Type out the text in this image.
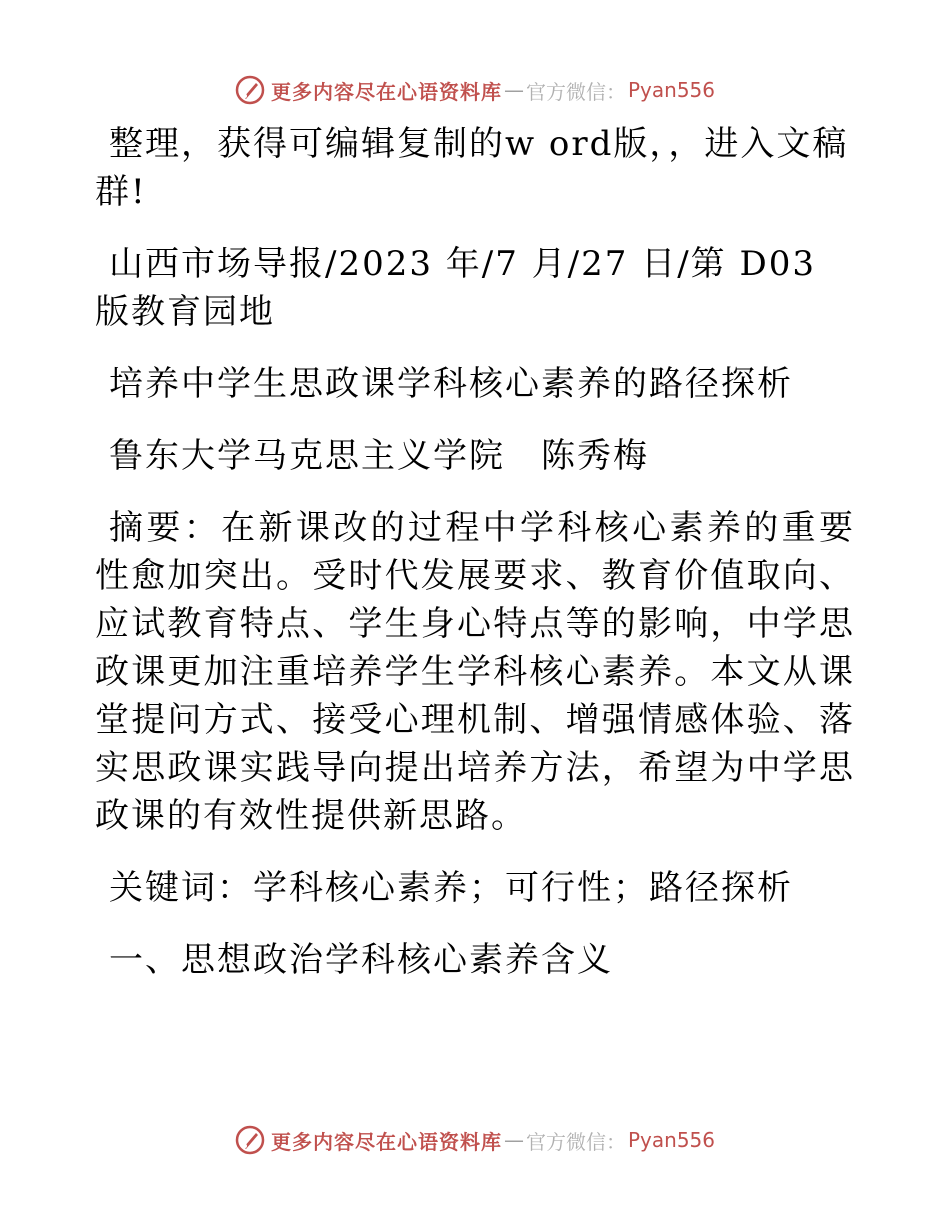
更多内容尽在心语资料库 — 官方微信： Pyan556

整理，获得可编辑复制的w ord版，，进入文稿群!

山西市场导报/2023 年/7 月/27 日/第 D03 版教育园地

培养中学生思政课学科核心素养的路径探析

鲁东大学马克思主义学院　陈秀梅

摘要：在新课改的过程中学科核心素养的重要性愈加突出。受时代发展要求、教育价值取向、应试教育特点、学生身心特点等的影响，中学思政课更加注重培养学生学科核心素养。本文从课堂提问方式、接受心理机制、增强情感体验、落实思政课实践导向提出培养方法，希望为中学思政课的有效性提供新思路。

关键词：学科核心素养；可行性；路径探析

一、思想政治学科核心素养含义

更多内容尽在心语资料库 — 官方微信： Pyan556
